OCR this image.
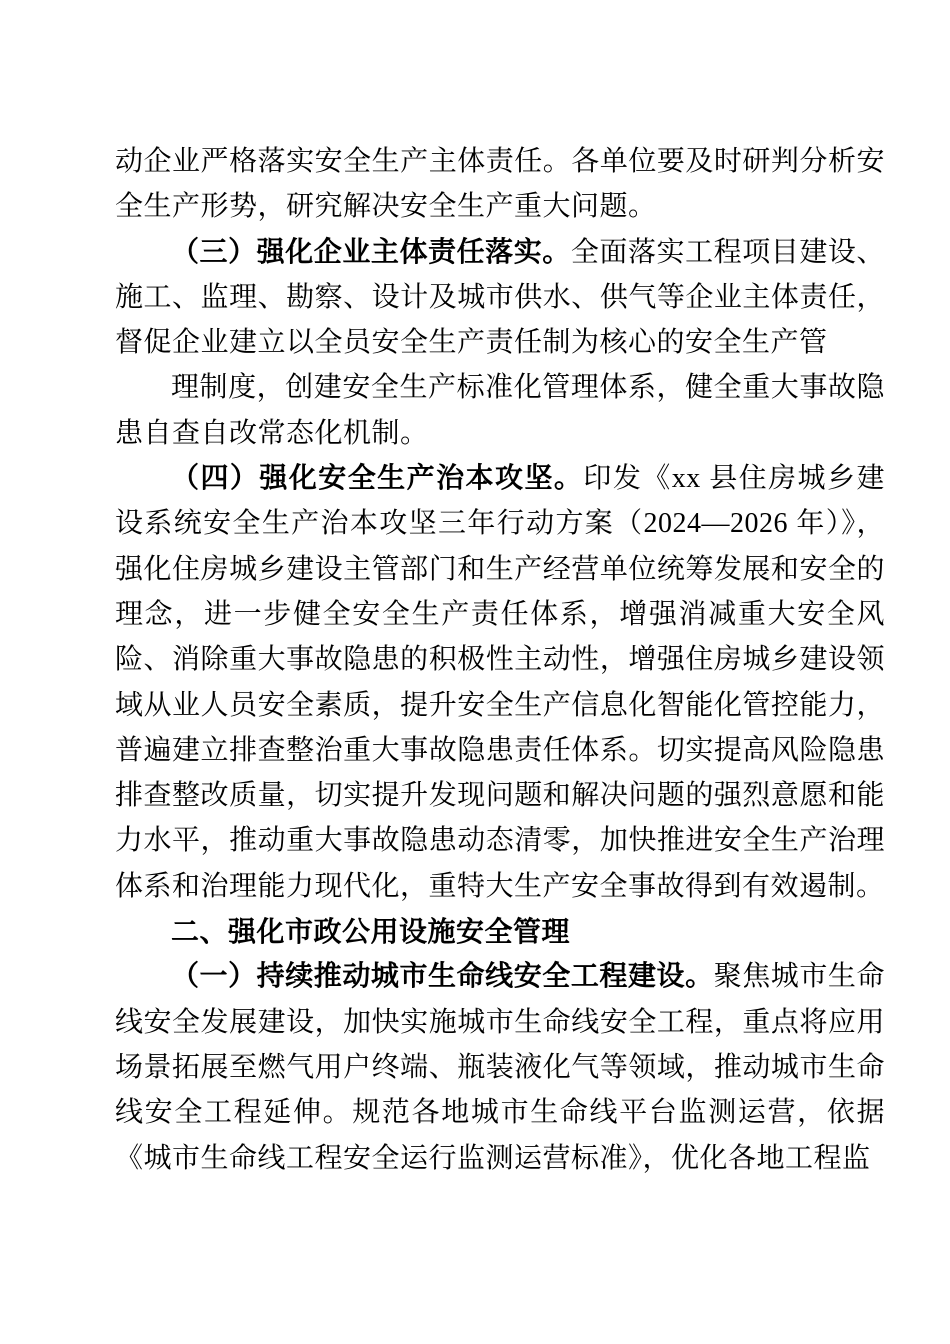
动企业严格落实安全生产主体责任。各单位要及时研判分析安全生产形势，研究解决安全生产重大问题。

（三）强化企业主体责任落实。全面落实工程项目建设、施工、监理、勘察、设计及城市供水、供气等企业主体责任，督促企业建立以全员安全生产责任制为核心的安全生产管

理制度，创建安全生产标准化管理体系，健全重大事故隐患自查自改常态化机制。

（四）强化安全生产治本攻坚。印发《xx 县住房城乡建设系统安全生产治本攻坚三年行动方案（2024—2026 年）》，强化住房城乡建设主管部门和生产经营单位统筹发展和安全的理念，进一步健全安全生产责任体系，增强消减重大安全风险、消除重大事故隐患的积极性主动性，增强住房城乡建设领域从业人员安全素质，提升安全生产信息化智能化管控能力，普遍建立排查整治重大事故隐患责任体系。切实提高风险隐患排查整改质量，切实提升发现问题和解决问题的强烈意愿和能力水平，推动重大事故隐患动态清零，加快推进安全生产治理体系和治理能力现代化，重特大生产安全事故得到有效遏制。

二、强化市政公用设施安全管理

（一）持续推动城市生命线安全工程建设。聚焦城市生命线安全发展建设，加快实施城市生命线安全工程，重点将应用场景拓展至燃气用户终端、瓶装液化气等领域，推动城市生命线安全工程延伸。规范各地城市生命线平台监测运营，依据《城市生命线工程安全运行监测运营标准》，优化各地工程监
